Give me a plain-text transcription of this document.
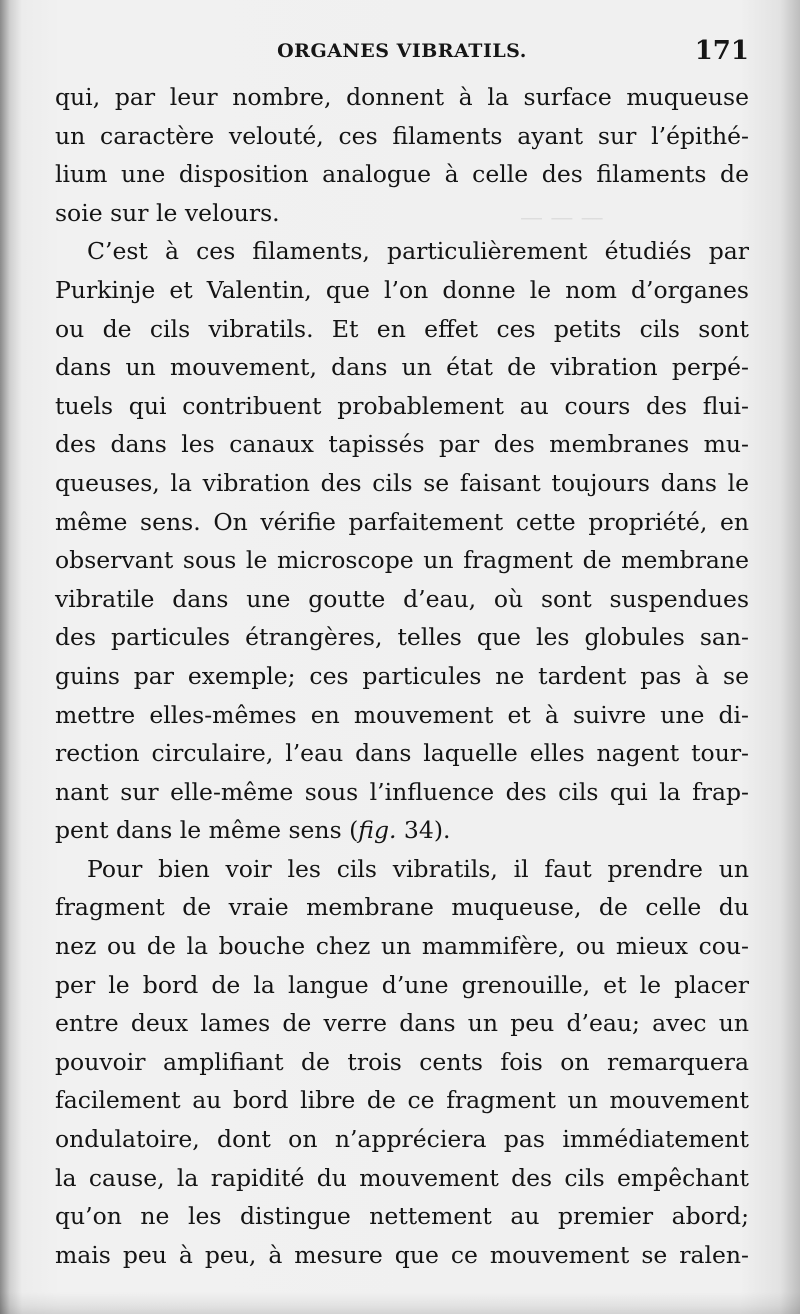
— — —
ORGANES VIBRATILS.	171
qui, par leur nombre, donnent à la surface muqueuse
un caractère velouté, ces filaments ayant sur l’épithé-
lium une disposition analogue à celle des filaments de
soie sur le velours.
C’est à ces filaments, particulièrement étudiés par
Purkinje et Valentin, que l’on donne le nom d’organes
ou de cils vibratils. Et en effet ces petits cils sont
dans un mouvement, dans un état de vibration perpé-
tuels qui contribuent probablement au cours des flui-
des dans les canaux tapissés par des membranes mu-
queuses, la vibration des cils se faisant toujours dans le
même sens. On vérifie parfaitement cette propriété, en
observant sous le microscope un fragment de membrane
vibratile dans une goutte d’eau, où sont suspendues
des particules étrangères, telles que les globules san-
guins par exemple; ces particules ne tardent pas à se
mettre elles-mêmes en mouvement et à suivre une di-
rection circulaire, l’eau dans laquelle elles nagent tour-
nant sur elle-même sous l’influence des cils qui la frap-
pent dans le même sens (fig. 34).
Pour bien voir les cils vibratils, il faut prendre un
fragment de vraie membrane muqueuse, de celle du
nez ou de la bouche chez un mammifère, ou mieux cou-
per le bord de la langue d’une grenouille, et le placer
entre deux lames de verre dans un peu d’eau; avec un
pouvoir amplifiant de trois cents fois on remarquera
facilement au bord libre de ce fragment un mouvement
ondulatoire, dont on n’appréciera pas immédiatement
la cause, la rapidité du mouvement des cils empêchant
qu’on ne les distingue nettement au premier abord;
mais peu à peu, à mesure que ce mouvement se ralen-
